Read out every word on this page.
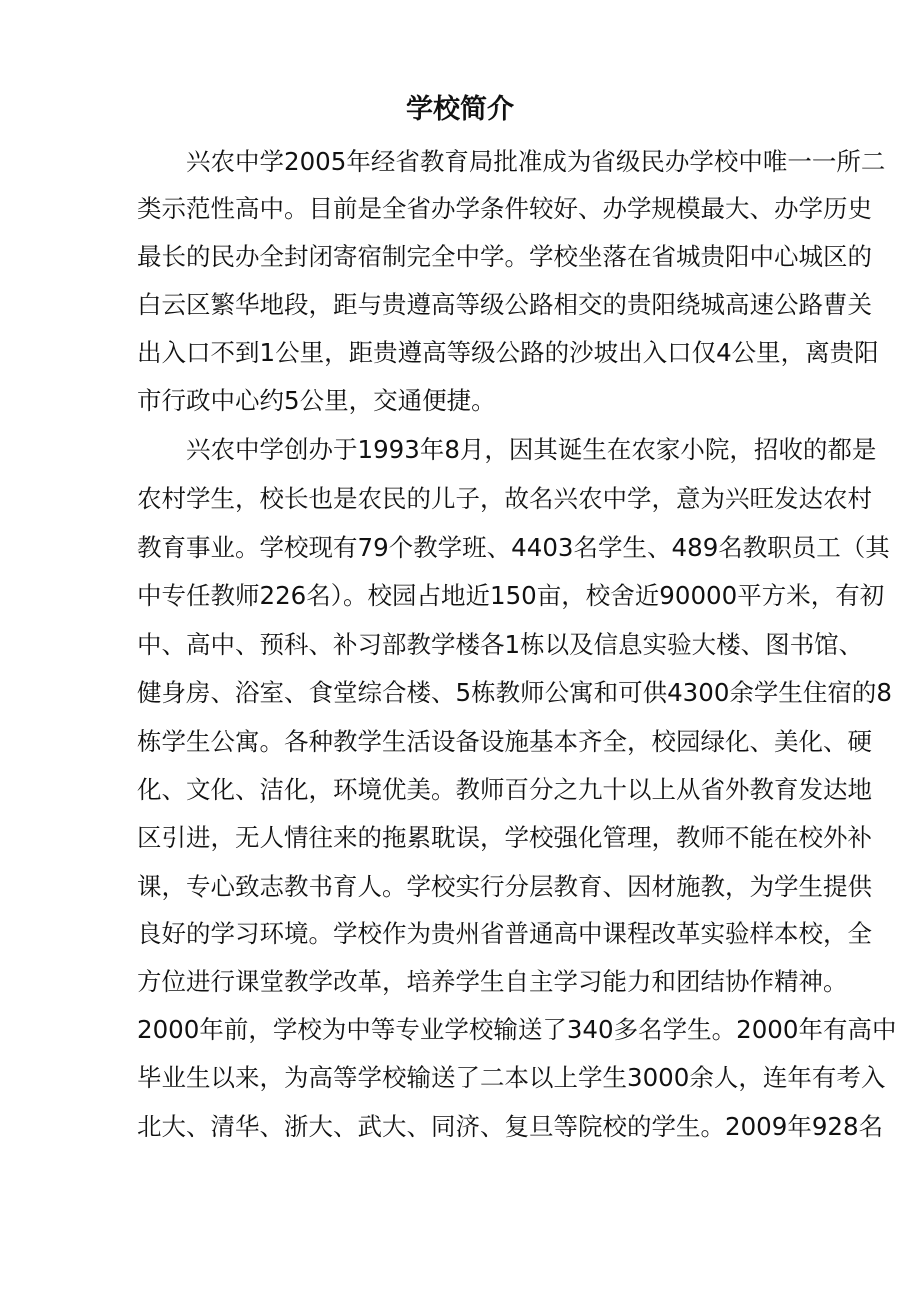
学校简介
兴农中学2005年经省教育局批准成为省级民办学校中唯一一所二
类示范性高中。目前是全省办学条件较好、办学规模最大、办学历史
最长的民办全封闭寄宿制完全中学。学校坐落在省城贵阳中心城区的
白云区繁华地段，距与贵遵高等级公路相交的贵阳绕城高速公路曹关
出入口不到1公里，距贵遵高等级公路的沙坡出入口仅4公里，离贵阳
市行政中心约5公里，交通便捷。
兴农中学创办于1993年8月，因其诞生在农家小院，招收的都是
农村学生，校长也是农民的儿子，故名兴农中学，意为兴旺发达农村
教育事业。学校现有79个教学班、4403名学生、489名教职员工（其
中专任教师226名）。校园占地近150亩，校舍近90000平方米，有初
中、高中、预科、补习部教学楼各1栋以及信息实验大楼、图书馆、
健身房、浴室、食堂综合楼、5栋教师公寓和可供4300余学生住宿的8
栋学生公寓。各种教学生活设备设施基本齐全，校园绿化、美化、硬
化、文化、洁化，环境优美。教师百分之九十以上从省外教育发达地
区引进，无人情往来的拖累耽误，学校强化管理，教师不能在校外补
课，专心致志教书育人。学校实行分层教育、因材施教，为学生提供
良好的学习环境。学校作为贵州省普通高中课程改革实验样本校，全
方位进行课堂教学改革，培养学生自主学习能力和团结协作精神。
2000年前，学校为中等专业学校输送了340多名学生。2000年有高中
毕业生以来，为高等学校输送了二本以上学生3000余人，连年有考入
北大、清华、浙大、武大、同济、复旦等院校的学生。2009年928名
